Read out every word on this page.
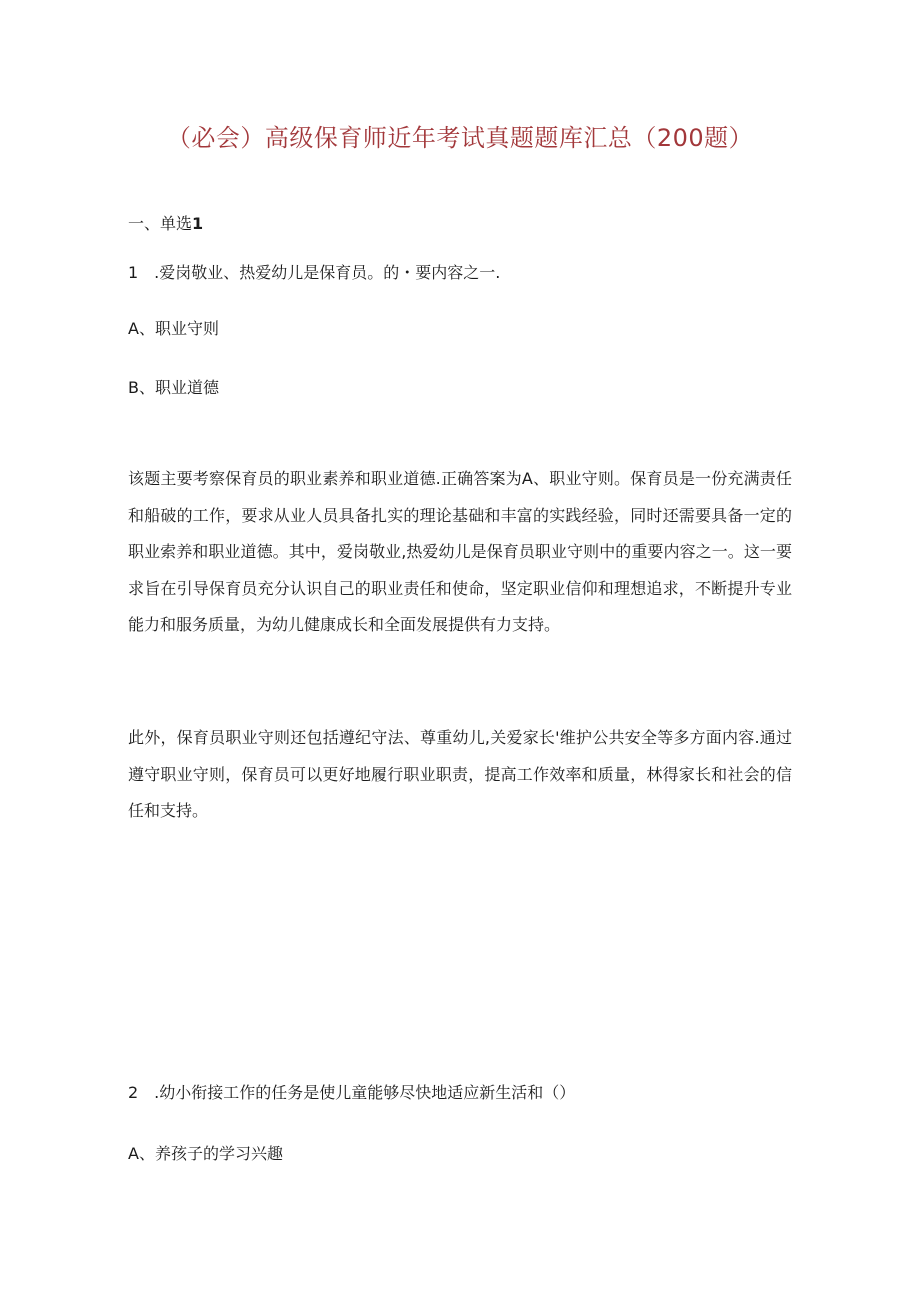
（必会）高级保育师近年考试真题题库汇总（200题）
一、单选1
1　.爱岗敬业、热爱幼儿是保育员。的・要内容之一.
A、职业守则
B、职业道德

该题主要考察保育员的职业素养和职业道德.正确答案为A、职业守则。保育员是一份充满责任和船破的工作，要求从业人员具备扎实的理论基础和丰富的实践经验，同时还需要具备一定的职业索养和职业道德。其中，爱岗敬业,热爱幼儿是保育员职业守则中的重要内容之一。这一要求旨在引导保育员充分认识自己的职业责任和使命，坚定职业信仰和理想追求，不断提升专业能力和服务质量，为幼儿健康成长和全面发展提供有力支持。

此外，保育员职业守则还包括遵纪守法、尊重幼儿,关爱家长'维护公共安全等多方面内容.通过遵守职业守则，保育员可以更好地履行职业职责，提高工作效率和质量，林得家长和社会的信任和支持。

2　.幼小衔接工作的任务是使儿童能够尽快地适应新生活和（）
A、养孩子的学习兴趣
